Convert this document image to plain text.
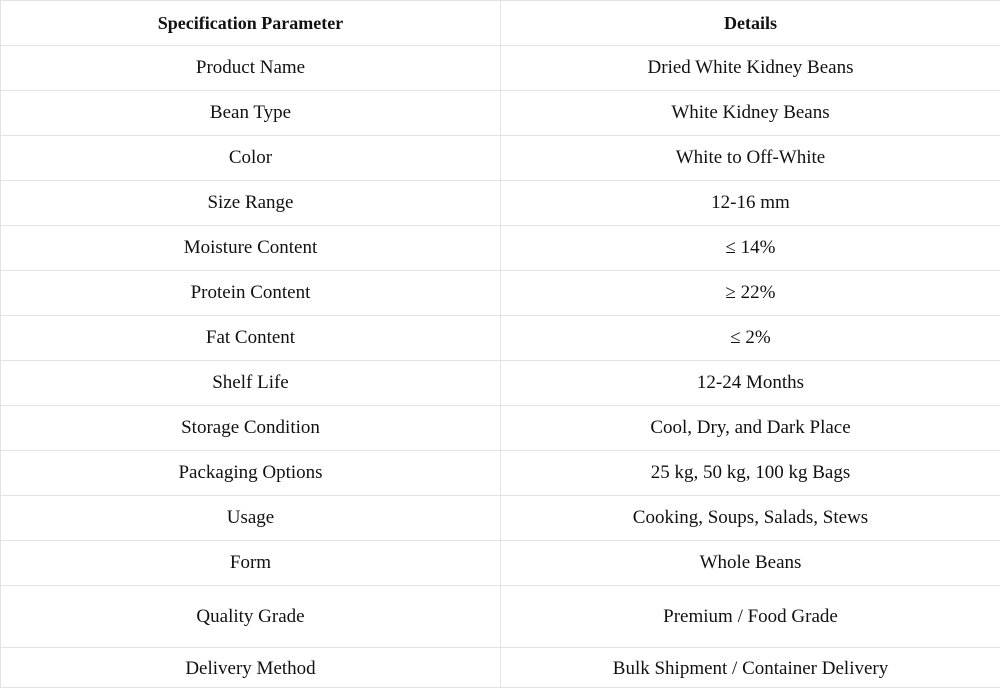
Specification Parameter	Details
Product Name	Dried White Kidney Beans
Bean Type	White Kidney Beans
Color	White to Off-White
Size Range	12-16 mm
Moisture Content	≤ 14%
Protein Content	≥ 22%
Fat Content	≤ 2%
Shelf Life	12-24 Months
Storage Condition	Cool, Dry, and Dark Place
Packaging Options	25 kg, 50 kg, 100 kg Bags
Usage	Cooking, Soups, Salads, Stews
Form	Whole Beans
Quality Grade	Premium / Food Grade
Delivery Method	Bulk Shipment / Container Delivery
